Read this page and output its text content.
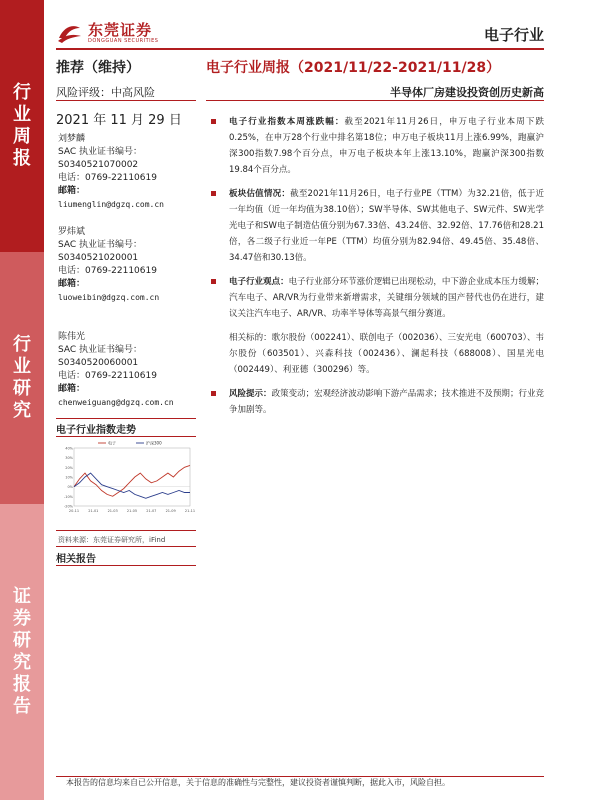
行
业
周
报
行
业
研
究
证
券
研
究
报
告
东莞证券
DONGGUAN SECURITIES	电子行业
推荐（维持）	电子行业周报（2021/11/22-2021/11/28）
风险评级：中高风险	半导体厂房建设投资创历史新高
2021 年 11 月 29 日
刘梦麟
SAC 执业证书编号：
S0340521070002
电话：0769-22110619
邮箱：
liumenglin@dgzq.com.cn
罗炜斌
SAC 执业证书编号：
S0340521020001
电话：0769-22110619
邮箱：
luoweibin@dgzq.com.cn
陈伟光
SAC 执业证书编号：
S0340520060001
电话：0769-22110619
邮箱：
chenweiguang@dgzq.com.cn
电子行业指数走势
40%
30%
20%
10%
0%
-10%
-20%
20-11	21-01	21-03	21-05	21-07	21-09	21-11
电子	沪深300
资料来源：东莞证券研究所，iFind
相关报告
电子行业指数本周涨跌幅：截至2021年11月26日，申万电子行业本周下跌0.25%，在申万28个行业中排名第18位；申万电子板块11月上涨6.99%，跑赢沪深300指数7.98个百分点，申万电子板块本年上涨13.10%，跑赢沪深300指数19.84个百分点。
板块估值情况：截至2021年11月26日，电子行业PE（TTM）为32.21倍，低于近一年均值（近一年均值为38.10倍）；SW半导体、SW其他电子、SW元件、SW光学光电子和SW电子制造估值分别为67.33倍、43.24倍、32.92倍、17.76倍和28.21倍，各二级子行业近一年PE（TTM）均值分别为82.94倍、49.45倍、35.48倍、34.47倍和30.13倍。
电子行业观点：电子行业部分环节涨价逻辑已出现松动，中下游企业成本压力缓解；汽车电子、AR/VR为行业带来新增需求，关键细分领域的国产替代也仍在进行，建议关注汽车电子、AR/VR、功率半导体等高景气细分赛道。
相关标的：歌尔股份（002241）、联创电子（002036）、三安光电（600703）、韦尔股份（603501）、兴森科技（002436）、澜起科技（688008）、国星光电（002449）、利亚德（300296）等。
风险提示：政策变动；宏观经济波动影响下游产品需求；技术推进不及预期；行业竞争加剧等。
本报告的信息均来自已公开信息，关于信息的准确性与完整性，建议投资者谨慎判断，据此入市，风险自担。
